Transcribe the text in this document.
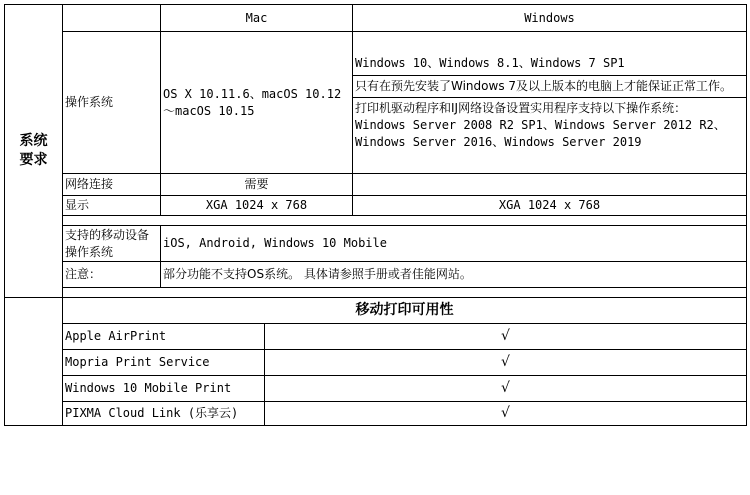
系统要求		Mac		Windows
	操作系统	OS X 10.11.6、macOS 10.12～macOS 10.15		Windows 10、Windows 8.1、Windows 7 SP1
只有在预先安装了Windows 7及以上版本的电脑上才能保证正常工作。
打印机驱动程序和IJ网络设备设置实用程序支持以下操作系统：
Windows Server 2008 R2 SP1、Windows Server 2012 R2、Windows Server 2016、Windows Server 2019

	网络连接	需要		
	显示	XGA 1024 x 768		XGA 1024 x 768

	支持的移动设备操作系统	iOS, Android, Windows 10 Mobile		
	注意：	部分功能不支持OS系统。 具体请参照手册或者佳能网站。		

	移动打印可用性			
	Apple AirPrint		√	
	Mopria Print Service		√	
	Windows 10 Mobile Print		√	
	PIXMA Cloud Link (乐享云)		√	
